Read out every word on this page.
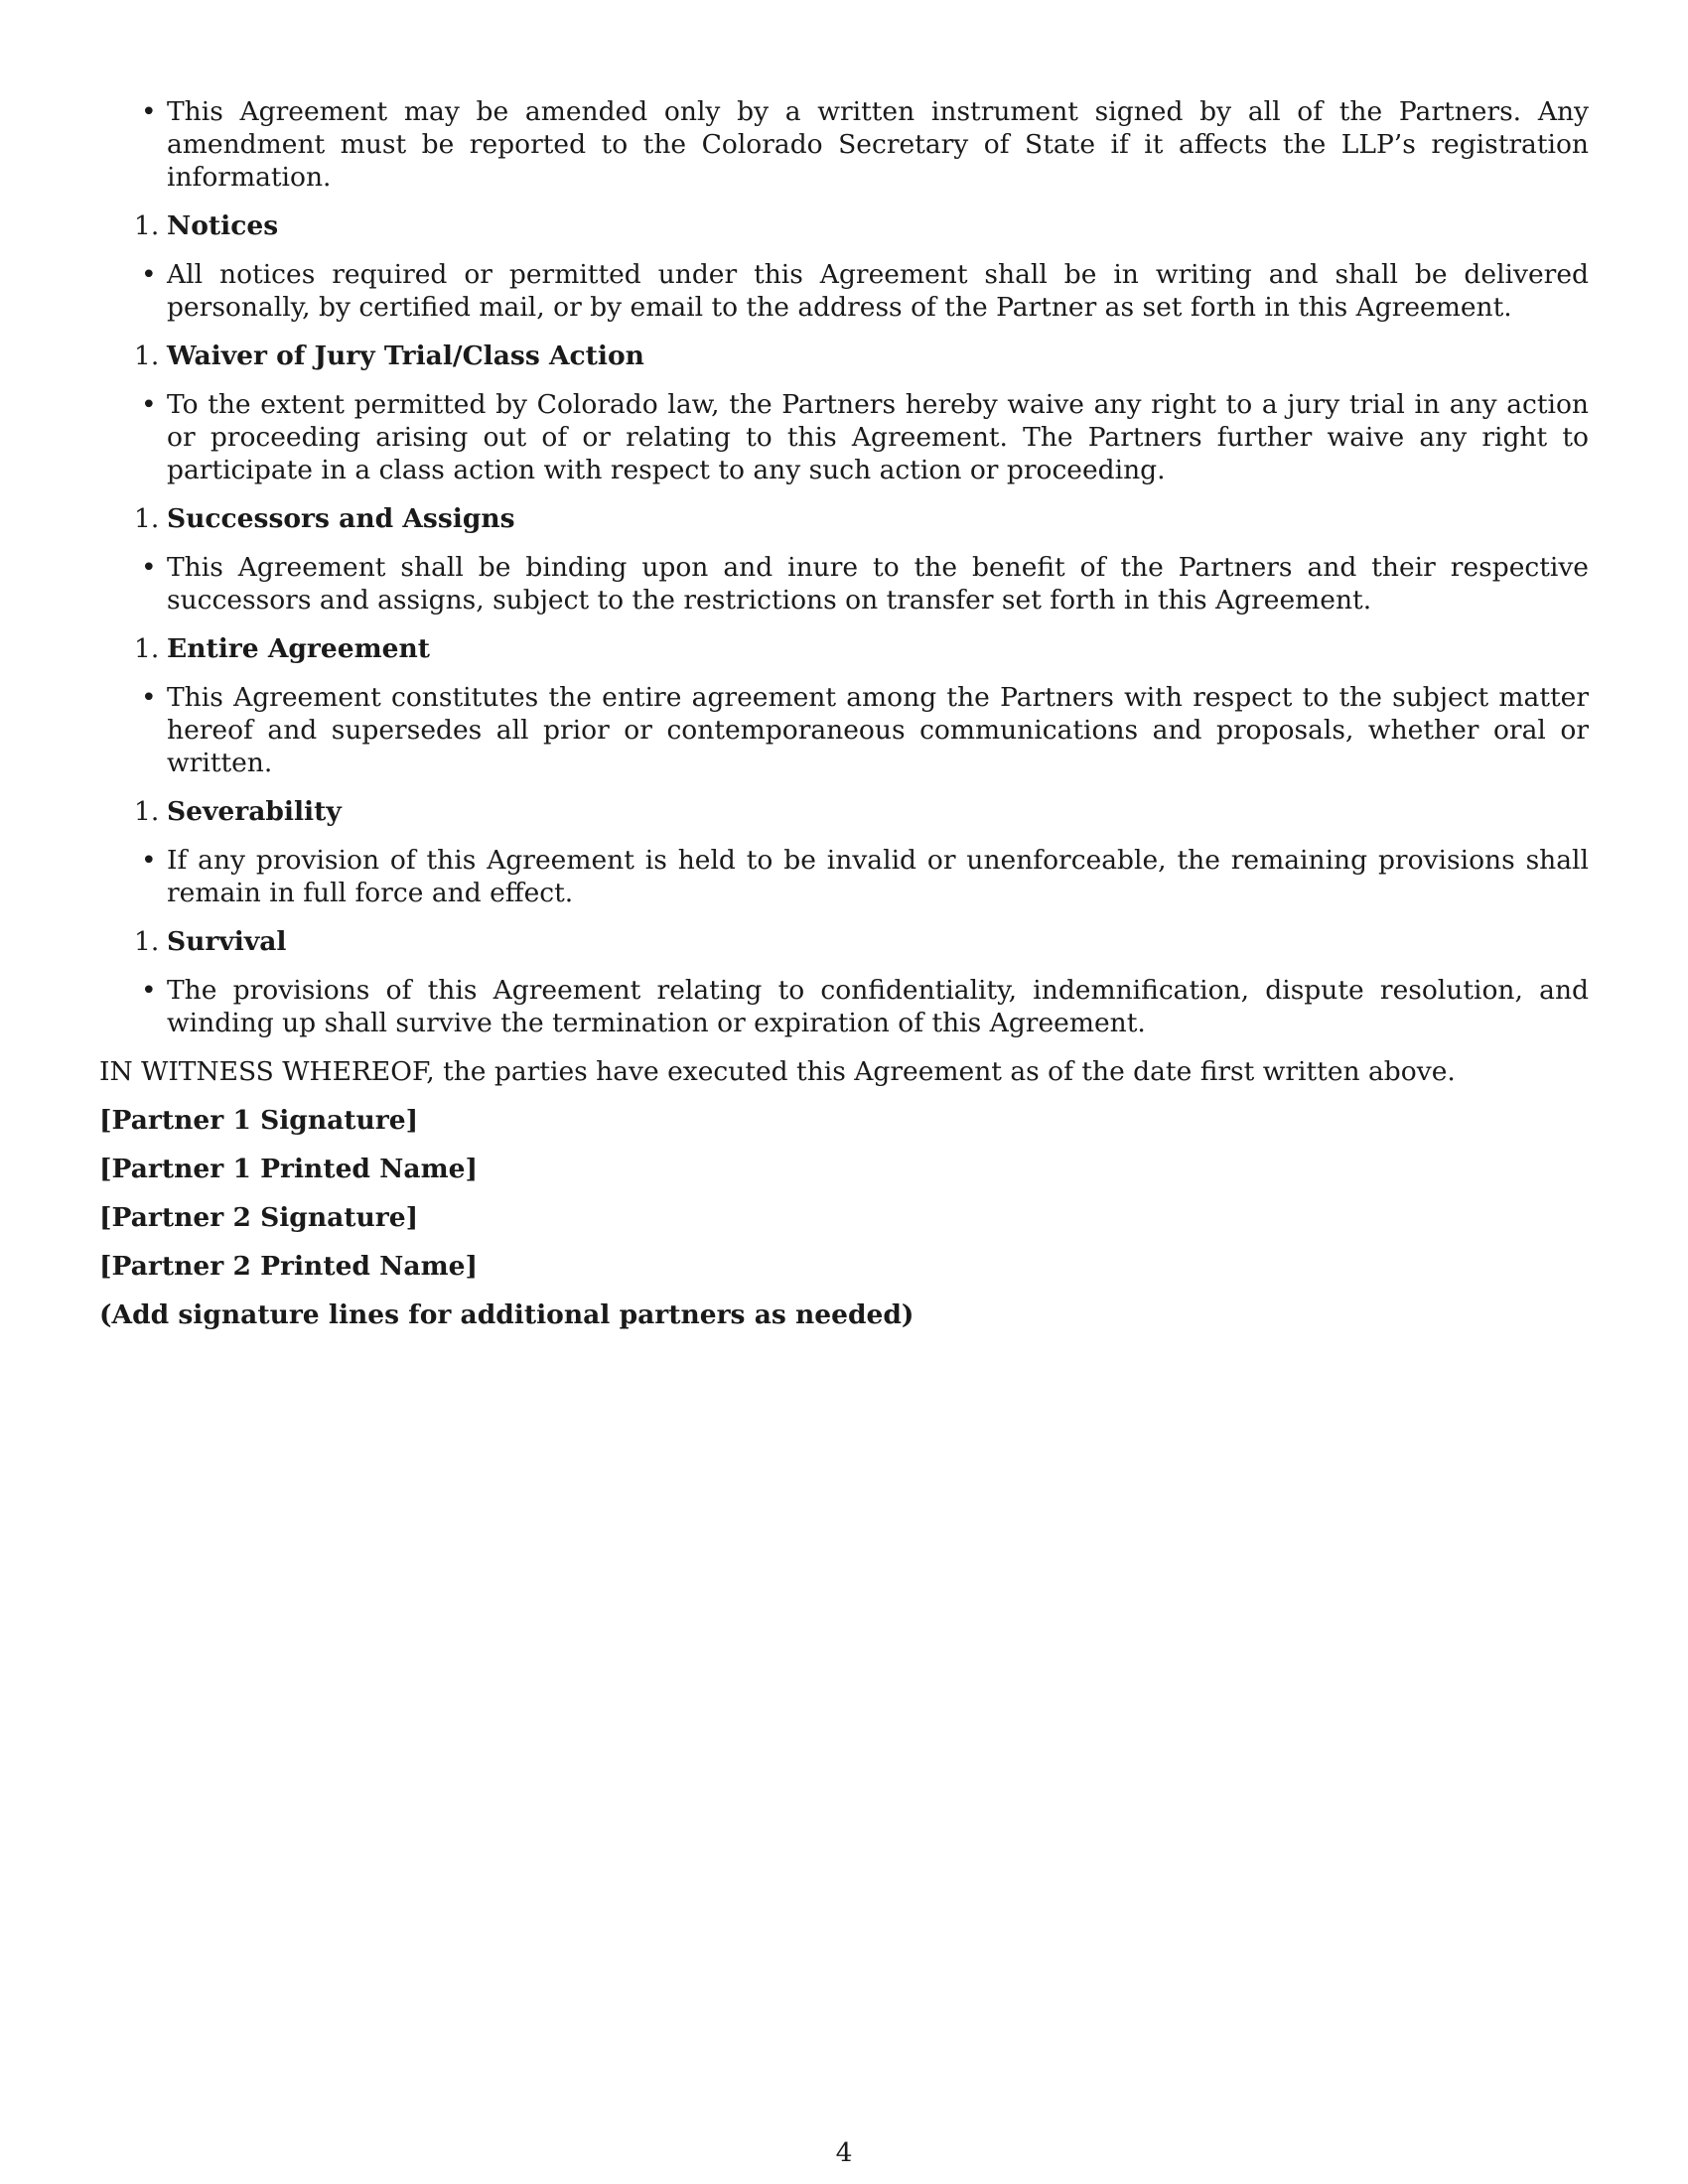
• This Agreement may be amended only by a written instrument signed by all of the Partners. Any amendment must be reported to the Colorado Secretary of State if it affects the LLP’s registration information.
1. Notices
• All notices required or permitted under this Agreement shall be in writing and shall be delivered personally, by certified mail, or by email to the address of the Partner as set forth in this Agreement.
1. Waiver of Jury Trial/Class Action
• To the extent permitted by Colorado law, the Partners hereby waive any right to a jury trial in any action or proceeding arising out of or relating to this Agreement. The Partners further waive any right to participate in a class action with respect to any such action or proceeding.
1. Successors and Assigns
• This Agreement shall be binding upon and inure to the benefit of the Partners and their respective successors and assigns, subject to the restrictions on transfer set forth in this Agreement.
1. Entire Agreement
• This Agreement constitutes the entire agreement among the Partners with respect to the subject matter hereof and supersedes all prior or contemporaneous communications and proposals, whether oral or written.
1. Severability
• If any provision of this Agreement is held to be invalid or unenforceable, the remaining provisions shall remain in full force and effect.
1. Survival
• The provisions of this Agreement relating to confidentiality, indemnification, dispute resolution, and winding up shall survive the termination or expiration of this Agreement.
IN WITNESS WHEREOF, the parties have executed this Agreement as of the date first written above.
[Partner 1 Signature]
[Partner 1 Printed Name]
[Partner 2 Signature]
[Partner 2 Printed Name]
(Add signature lines for additional partners as needed)
4
